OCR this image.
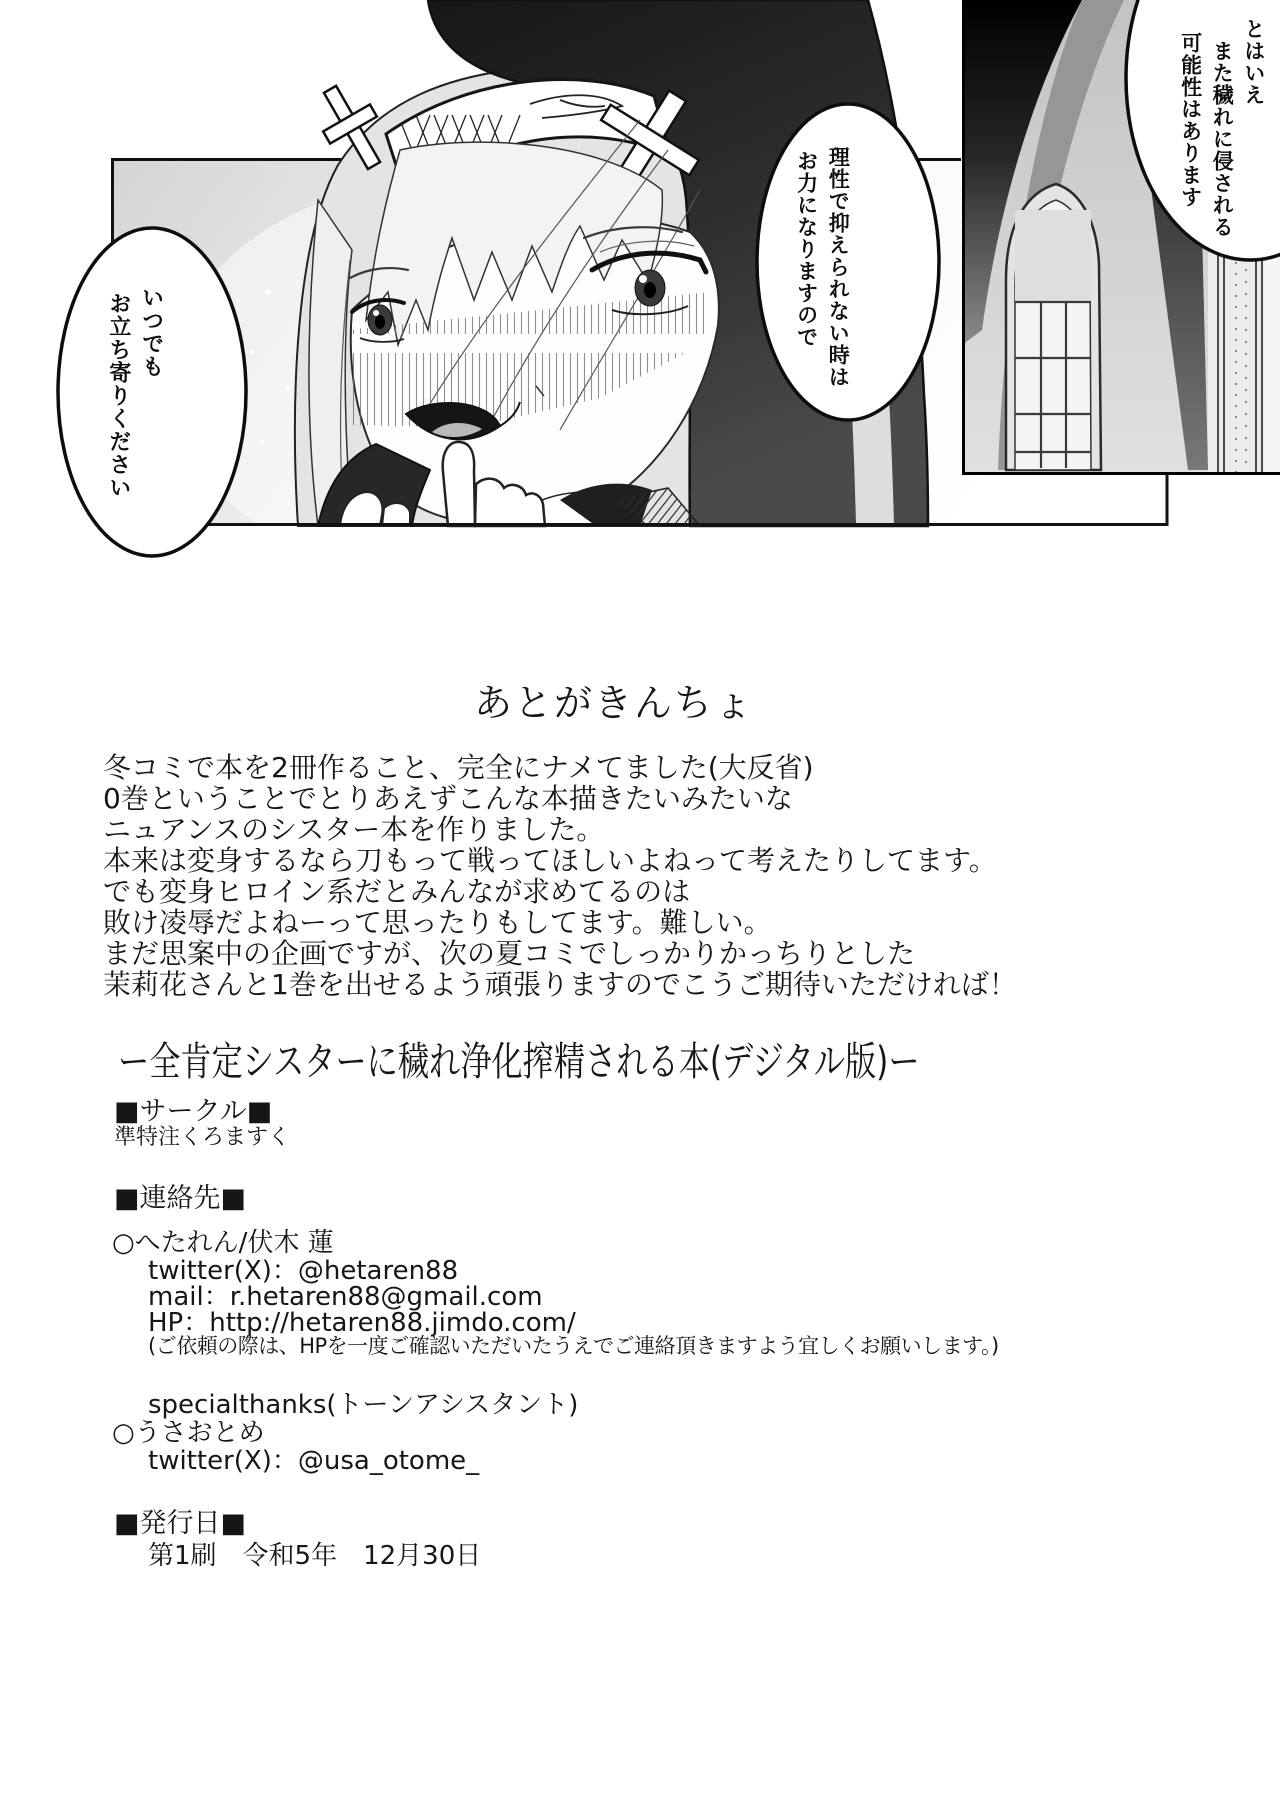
とはいえ
また穢れに侵される
可能性はあります
理性で抑えられない時は
お力になりますので
いつでも
お立ち寄りください
あとがきんちょ
冬コミで本を2冊作ること、完全にナメてました(大反省)
0巻ということでとりあえずこんな本描きたいみたいな
ニュアンスのシスター本を作りました。
本来は変身するなら刀もって戦ってほしいよねって考えたりしてます。
でも変身ヒロイン系だとみんなが求めてるのは
敗け凌辱だよねーって思ったりもしてます。難しい。
まだ思案中の企画ですが、次の夏コミでしっかりかっちりとした
茉莉花さんと1巻を出せるよう頑張りますのでこうご期待いただければ！
ー全肯定シスターに穢れ浄化搾精される本(デジタル版)ー
■サークル■
準特注くろますく
■連絡先■
○へたれん/伏木 蓮
twitter(X)：@hetaren88
mail：r.hetaren88@gmail.com
HP：http://hetaren88.jimdo.com/
(ご依頼の際は、HPを一度ご確認いただいたうえでご連絡頂きますよう宜しくお願いします。)
specialthanks(トーンアシスタント)
○うさおとめ
twitter(X)：@usa_otome_
■発行日■
第1刷　令和5年　12月30日
